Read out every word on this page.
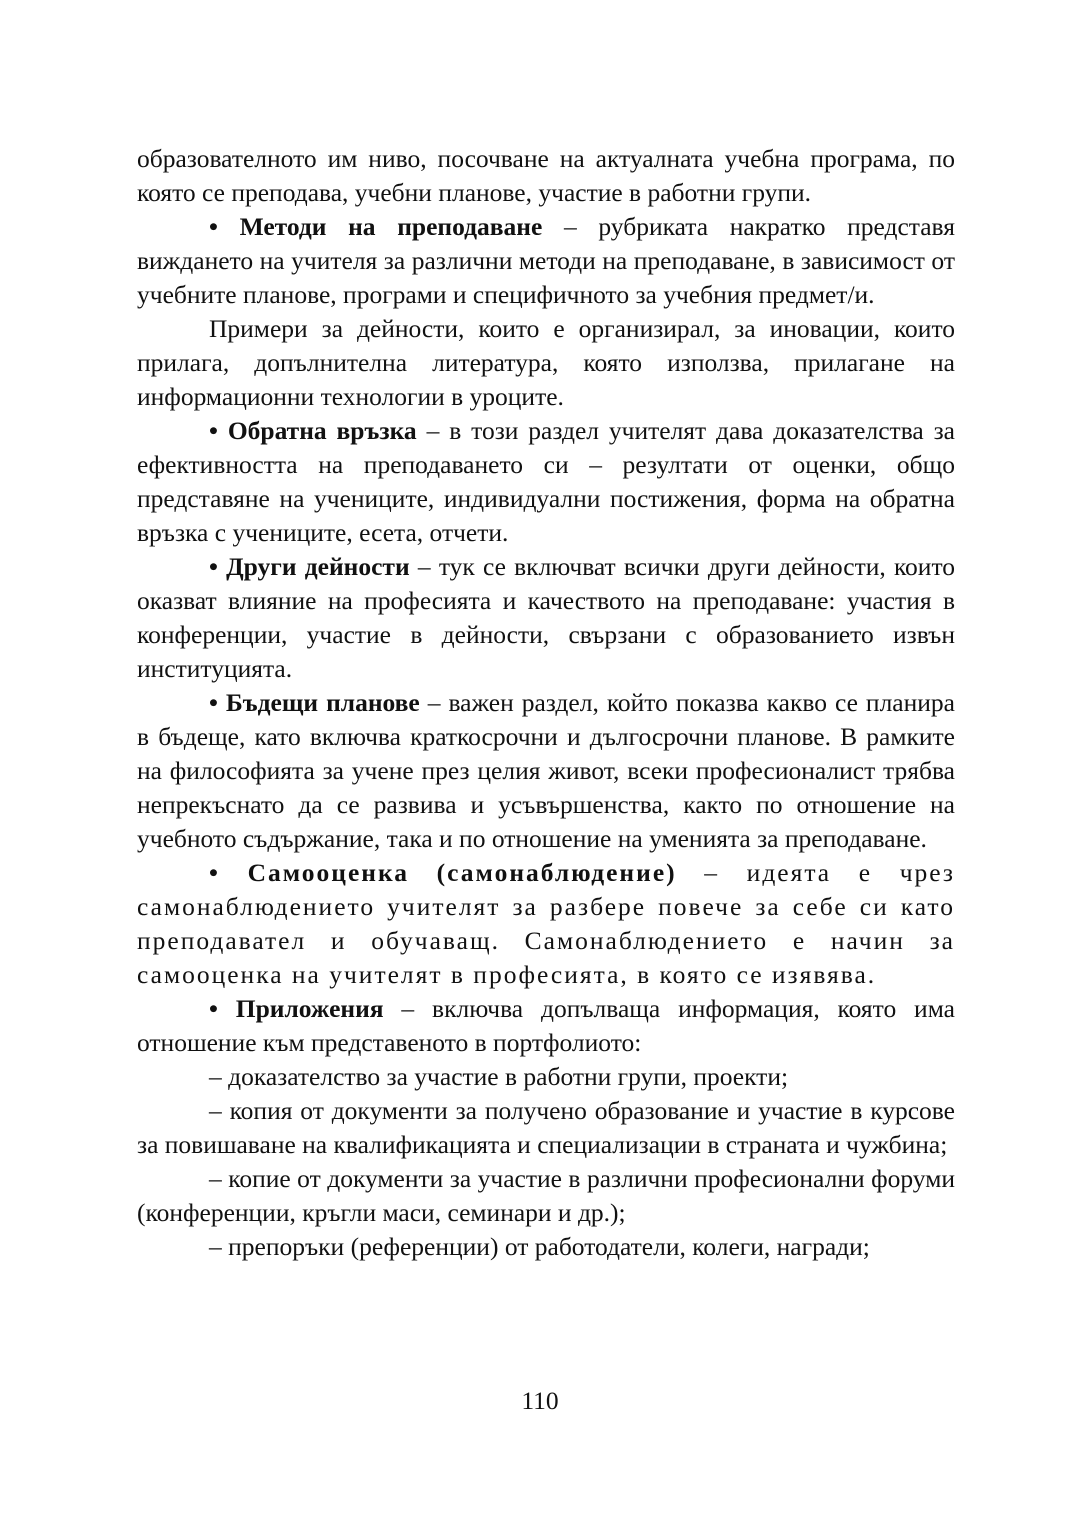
образователното им ниво, посочване на актуалната учебна програма, по която се преподава, учебни планове, участие в работни групи.

• Методи на преподаване – рубриката накратко представя виждането на учителя за различни методи на преподаване, в зависимост от учебните планове, програми и специфичното за учебния предмет/и.

Примери за дейности, които е организирал, за иновации, които прилага, допълнителна литература, която използва, прилагане на информационни технологии в уроците.

• Обратна връзка – в този раздел учителят дава доказателства за ефективността на преподаването си – резултати от оценки, общо представяне на учениците, индивидуални постижения, форма на обратна връзка с учениците, есета, отчети.

• Други дейности – тук се включват всички други дейности, които оказват влияние на професията и качеството на преподаване: участия в конференции, участие в дейности, свързани с образованието извън институцията.

• Бъдещи планове – важен раздел, който показва какво се планира в бъдеще, като включва краткосрочни и дългосрочни планове. В рамките на философията за учене през целия живот, всеки професионалист трябва непрекъснато да се развива и усъвършенства, както по отношение на учебното съдържание, така и по отношение на уменията за преподаване.

• Самооценка (самонаблюдение) – идеята е чрез самонаблюдението учителят за разбере повече за себе си като преподавател и обучаващ. Самонаблюдението е начин за самооценка на учителят в професията, в която се изявява.

• Приложения – включва допълваща информация, която има отношение към представеното в портфолиото:

– доказателство за участие в работни групи, проекти;

– копия от документи за получено образование и участие в курсове за повишаване на квалификацията и специализации в страната и чужбина;

– копие от документи за участие в различни професионални форуми (конференции, кръгли маси, семинари и др.);

– препоръки (референции) от работодатели, колеги, награди;

110
